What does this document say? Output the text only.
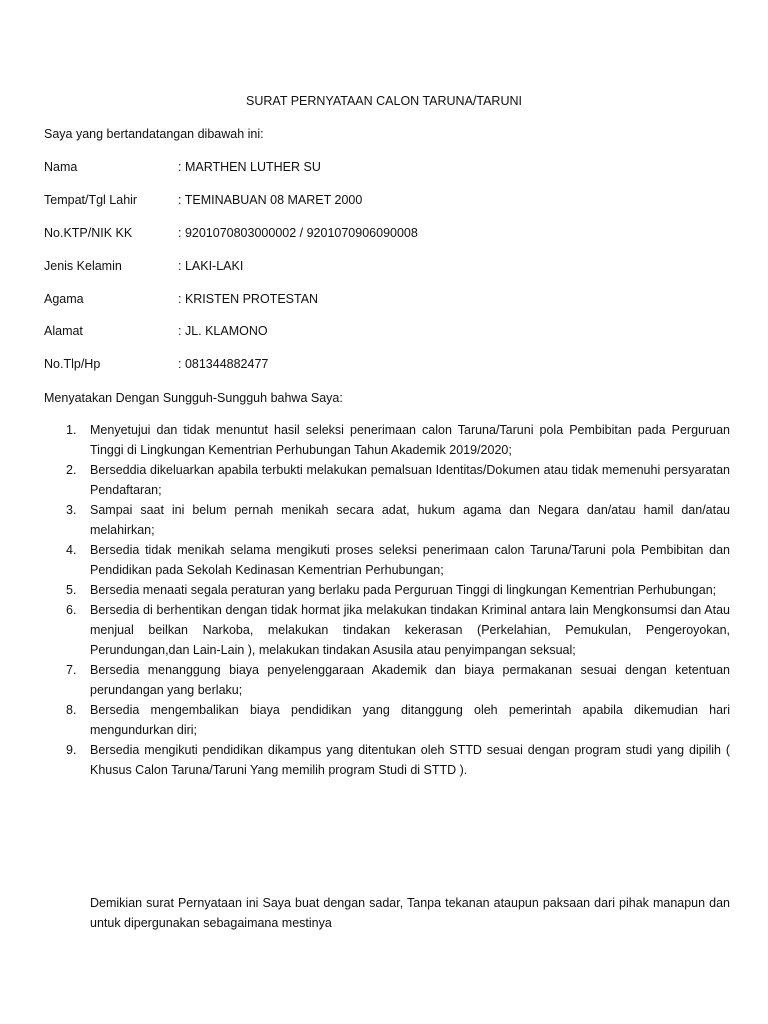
SURAT PERNYATAAN CALON TARUNA/TARUNI
Saya yang bertandatangan dibawah ini:
Nama	: MARTHEN LUTHER SU
Tempat/Tgl Lahir	: TEMINABUAN 08 MARET 2000
No.KTP/NIK KK	: 9201070803000002 / 9201070906090008
Jenis Kelamin	: LAKI-LAKI
Agama	: KRISTEN PROTESTAN
Alamat	: JL. KLAMONO
No.Tlp/Hp	: 081344882477
Menyatakan Dengan Sungguh-Sungguh bahwa Saya:
1. Menyetujui dan tidak menuntut hasil seleksi penerimaan calon Taruna/Taruni pola Pembibitan pada Perguruan Tinggi di Lingkungan Kementrian Perhubungan Tahun Akademik 2019/2020;
2. Berseddia dikeluarkan apabila terbukti melakukan pemalsuan Identitas/Dokumen atau tidak memenuhi persyaratan Pendaftaran;
3. Sampai saat ini belum pernah menikah secara adat, hukum agama dan Negara dan/atau hamil dan/atau melahirkan;
4. Bersedia tidak menikah selama mengikuti proses seleksi penerimaan calon Taruna/Taruni pola Pembibitan dan Pendidikan pada Sekolah Kedinasan Kementrian Perhubungan;
5. Bersedia menaati segala peraturan yang berlaku pada Perguruan Tinggi di lingkungan Kementrian Perhubungan;
6. Bersedia di berhentikan dengan tidak hormat jika melakukan tindakan Kriminal antara lain Mengkonsumsi dan Atau menjual beilkan Narkoba, melakukan tindakan kekerasan (Perkelahian, Pemukulan, Pengeroyokan, Perundungan,dan Lain-Lain ), melakukan tindakan Asusila atau penyimpangan seksual;
7. Bersedia menanggung biaya penyelenggaraan Akademik dan biaya permakanan sesuai dengan ketentuan perundangan yang berlaku;
8. Bersedia mengembalikan biaya pendidikan yang ditanggung oleh pemerintah apabila dikemudian hari mengundurkan diri;
9. Bersedia mengikuti pendidikan dikampus yang ditentukan oleh STTD sesuai dengan program studi yang dipilih ( Khusus Calon Taruna/Taruni Yang memilih program Studi di STTD ).
Demikian surat Pernyataan ini Saya buat dengan sadar, Tanpa tekanan ataupun paksaan dari pihak manapun dan untuk dipergunakan sebagaimana mestinya
